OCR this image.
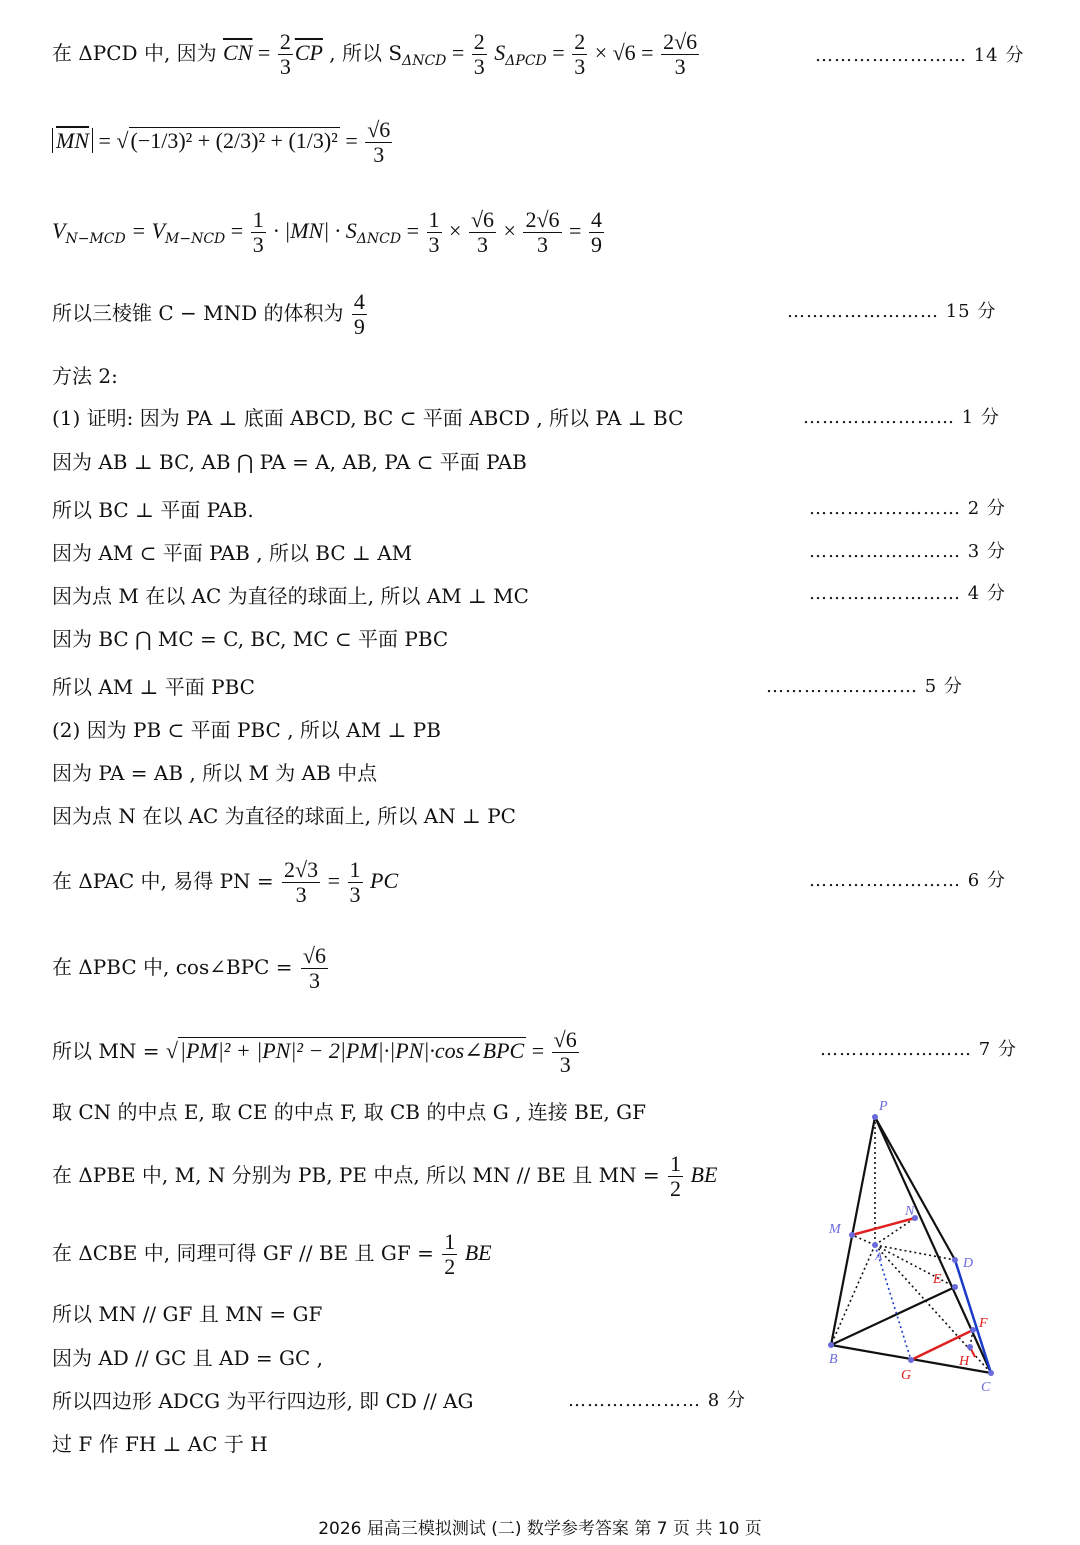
在 ΔPCD 中, 因为 $\overline{CN} = \frac{2}{3} \overline{CP}$ , 所以 $S_{\Delta NCD} = \frac{2}{3} S_{\Delta PCD} = \frac{2}{3} \times √6 = \frac{2√6}{3}$	…………………… 14 分
$\overline{MN} = √(-1/3)^2 + (2/3)^2 + (1/3)^2 = \frac{√6}{3}$
$V_{N-MCD} = V_{M-NCD} = \frac{1}{3} \cdot |MN| \cdot S_{\Delta NCD} = \frac{1}{3} \times \frac{√6}{3} \times \frac{2√6}{3} = \frac{4}{9}$
所以三棱锥 C − MND 的体积为 $\frac{4}{9}$	…………………… 15 分
方法 2:
(1) 证明: 因为 PA ⊥ 底面 ABCD, BC ⊂ 平面 ABCD , 所以 PA ⊥ BC	…………………… 1 分
因为 AB ⊥ BC, AB ⋂ PA = A, AB, PA ⊂ 平面 PAB
所以 BC ⊥ 平面 PAB.	…………………… 2 分
因为 AM ⊂ 平面 PAB , 所以 BC ⊥ AM	…………………… 3 分
因为点 M 在以 AC 为直径的球面上, 所以 AM ⊥ MC	…………………… 4 分
因为 BC ⋂ MC = C, BC, MC ⊂ 平面 PBC
所以 AM ⊥ 平面 PBC	…………………… 5 分
(2) 因为 PB ⊂ 平面 PBC , 所以 AM ⊥ PB
因为 PA = AB , 所以 M 为 AB 中点
因为点 N 在以 AC 为直径的球面上, 所以 AN ⊥ PC
在 ΔPAC 中, 易得 PN = $\frac{2√3}{3} = \frac{1}{3}$ PC	…………………… 6 分
在 ΔPBC 中, cos∠BPC = $\frac{√6}{3}$
所以 MN = √|PM|² + |PN|² − 2|PM|·|PN|·cos∠BPC = $\frac{√6}{3}$	…………………… 7 分
取 CN 的中点 E, 取 CE 的中点 F, 取 CB 的中点 G , 连接 BE, GF
在 ΔPBE 中, M, N 分别为 PB, PE 中点, 所以 MN // BE 且 MN = $\frac{1}{2}$ BE
在 ΔCBE 中, 同理可得 GF // BE 且 GF = $\frac{1}{2}$ BE
所以 MN // GF 且 MN = GF
因为 AD // GC 且 AD = GC ,
所以四边形 ADCG 为平行四边形, 即 CD // AG	………………… 8 分
过 F 作 FH ⊥ AC 于 H
P
M
N
A	D
E
F
B
G
H
C
2026 届高三模拟测试 (二) 数学参考答案 第 7 页 共 10 页
